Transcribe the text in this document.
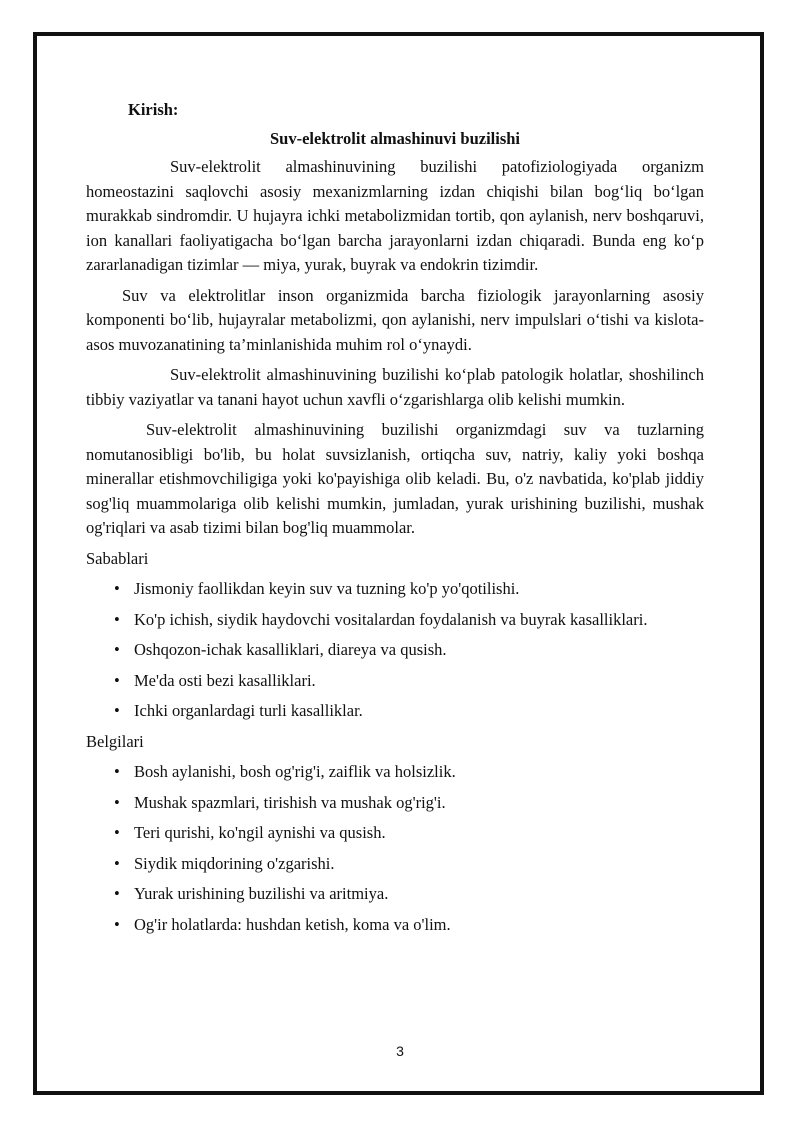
Kirish:
Suv-elektrolit almashinuvi buzilishi

Suv-elektrolit almashinuvining buzilishi patofiziologiyada organizm homeostazini saqlovchi asosiy mexanizmlarning izdan chiqishi bilan bog‘liq bo‘lgan murakkab sindromdir. U hujayra ichki metabolizmidan tortib, qon aylanish, nerv boshqaruvi, ion kanallari faoliyatigacha bo‘lgan barcha jarayonlarni izdan chiqaradi. Bunda eng ko‘p zararlanadigan tizimlar — miya, yurak, buyrak va endokrin tizimdir.

Suv va elektrolitlar inson organizmida barcha fiziologik jarayonlarning asosiy komponenti bo‘lib, hujayralar metabolizmi, qon aylanishi, nerv impulslari o‘tishi va kislota-asos muvozanatining ta’minlanishida muhim rol o‘ynaydi.

Suv-elektrolit almashinuvining buzilishi ko‘plab patologik holatlar, shoshilinch tibbiy vaziyatlar va tanani hayot uchun xavfli o‘zgarishlarga olib kelishi mumkin.

Suv-elektrolit almashinuvining buzilishi organizmdagi suv va tuzlarning nomutanosibligi bo'lib, bu holat suvsizlanish, ortiqcha suv, natriy, kaliy yoki boshqa minerallar etishmovchiligiga yoki ko'payishiga olib keladi. Bu, o'z navbatida, ko'plab jiddiy sog'liq muammolariga olib kelishi mumkin, jumladan, yurak urishining buzilishi, mushak og'riqlari va asab tizimi bilan bog'liq muammolar.

Sabablari
• Jismoniy faollikdan keyin suv va tuzning ko'p yo'qotilishi.
• Ko'p ichish, siydik haydovchi vositalardan foydalanish va buyrak kasalliklari.
• Oshqozon-ichak kasalliklari, diareya va qusish.
• Me'da osti bezi kasalliklari.
• Ichki organlardagi turli kasalliklar.
Belgilari
• Bosh aylanishi, bosh og'rig'i, zaiflik va holsizlik.
• Mushak spazmlari, tirishish va mushak og'rig'i.
• Teri qurishi, ko'ngil aynishi va qusish.
• Siydik miqdorining o'zgarishi.
• Yurak urishining buzilishi va aritmiya.
• Og'ir holatlarda: hushdan ketish, koma va o'lim.
3
